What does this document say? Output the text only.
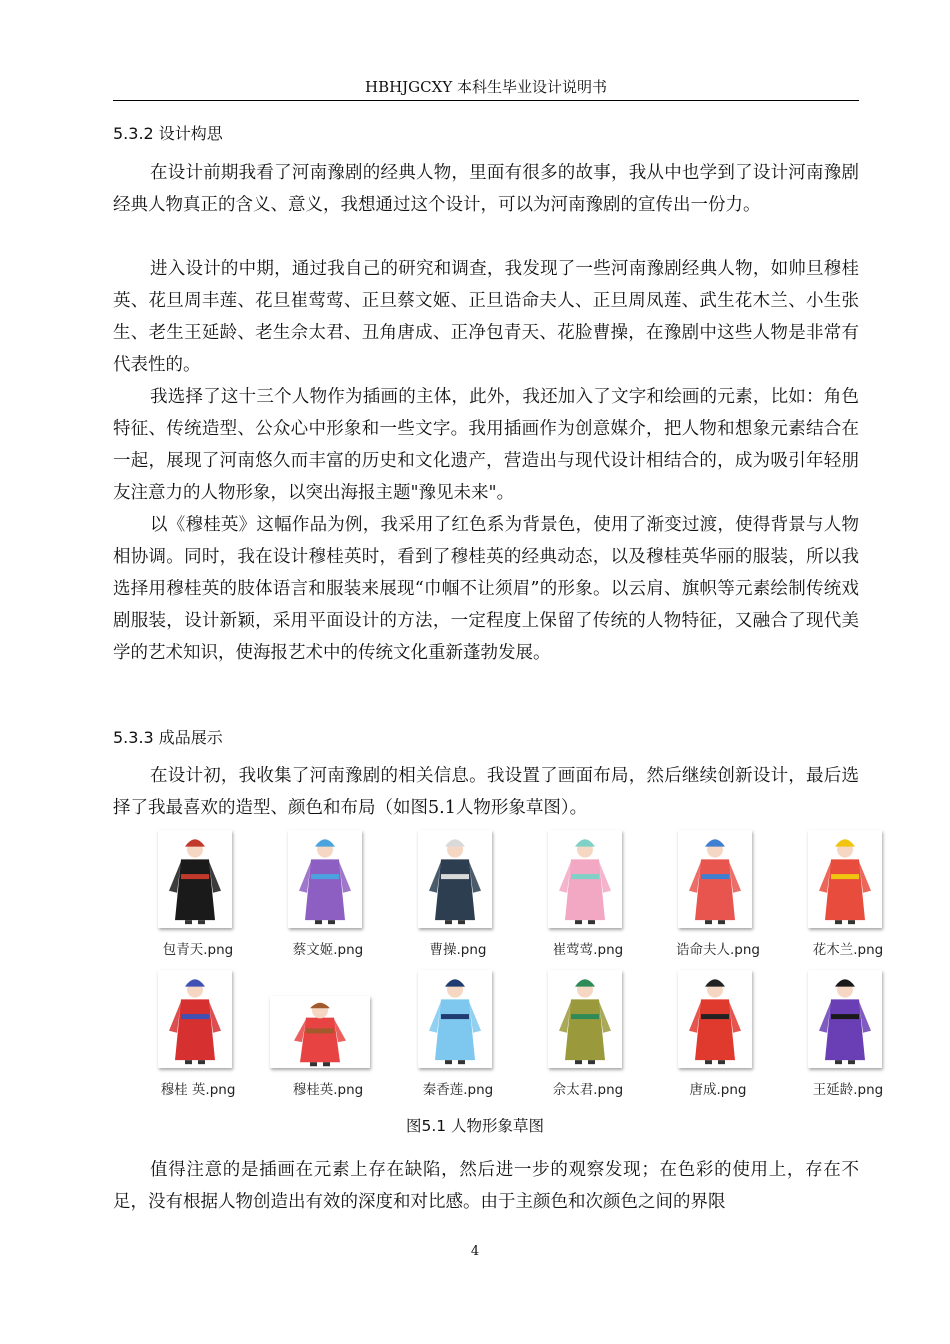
HBHJGCXY 本科生毕业设计说明书
5.3.2 设计构思

在设计前期我看了河南豫剧的经典人物，里面有很多的故事，我从中也学到了设计河南豫剧经典人物真正的含义、意义，我想通过这个设计，可以为河南豫剧的宣传出一份力。

进入设计的中期，通过我自己的研究和调查，我发现了一些河南豫剧经典人物，如帅旦穆桂英、花旦周丰莲、花旦崔莺莺、正旦蔡文姬、正旦诰命夫人、正旦周凤莲、武生花木兰、小生张生、老生王延龄、老生佘太君、丑角唐成、正净包青天、花脸曹操，在豫剧中这些人物是非常有代表性的。

我选择了这十三个人物作为插画的主体，此外，我还加入了文字和绘画的元素，比如：角色特征、传统造型、公众心中形象和一些文字。我用插画作为创意媒介，把人物和想象元素结合在一起，展现了河南悠久而丰富的历史和文化遗产，营造出与现代设计相结合的，成为吸引年轻朋友注意力的人物形象，以突出海报主题"豫见未来"。

以《穆桂英》这幅作品为例，我采用了红色系为背景色，使用了渐变过渡，使得背景与人物相协调。同时，我在设计穆桂英时，看到了穆桂英的经典动态，以及穆桂英华丽的服装，所以我选择用穆桂英的肢体语言和服装来展现“巾帼不让须眉”的形象。以云肩、旗帜等元素绘制传统戏剧服装，设计新颖，采用平面设计的方法，一定程度上保留了传统的人物特征，又融合了现代美学的艺术知识，使海报艺术中的传统文化重新蓬勃发展。

5.3.3 成品展示

在设计初，我收集了河南豫剧的相关信息。我设置了画面布局，然后继续创新设计，最后选择了我最喜欢的造型、颜色和布局（如图5.1人物形象草图）。

包青天.png	蔡文姬.png	曹操.png	崔莺莺.png	诰命夫人.png	花木兰.png
穆桂 英.png	穆桂英.png	秦香莲.png	佘太君.png	唐成.png	王延龄.png
图5.1 人物形象草图

值得注意的是插画在元素上存在缺陷，然后进一步的观察发现；在色彩的使用上，存在不足，没有根据人物创造出有效的深度和对比感。由于主颜色和次颜色之间的界限

4
